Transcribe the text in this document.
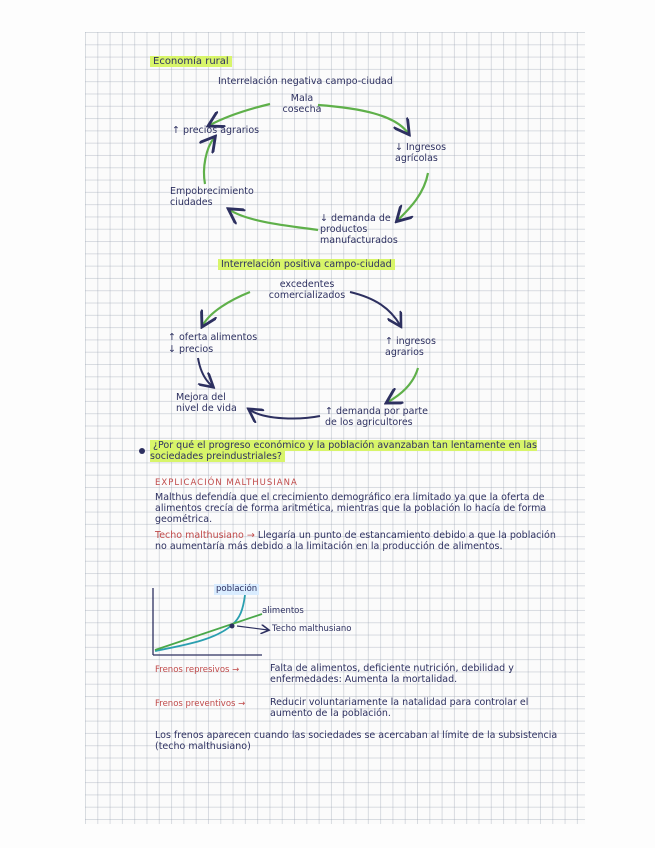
Economía rural
Interrelación negativa campo-ciudad
Mala cosecha
↓ Ingresos agrícolas
↓ demanda de productos manufacturados
Empobrecimiento ciudades
↑ precios agrarios
Interrelación positiva campo-ciudad
excedentes comercializados
↑ ingresos agrarios
↑ demanda por parte de los agricultores
Mejora del nivel de vida
↑ oferta alimentos
↓ precios
¿Por qué el progreso económico y la población avanzaban tan lentamente en las sociedades preindustriales?
EXPLICACIÓN MALTHUSIANA
Malthus defendía que el crecimiento demográfico era limitado ya que la oferta de alimentos crecía de forma aritmética, mientras que la población lo hacía de forma geométrica.
Techo malthusiano → Llegaría un punto de estancamiento debido a que la población no aumentaría más debido a la limitación en la producción de alimentos.
población
alimentos
Techo malthusiano
Frenos represivos →	Falta de alimentos, deficiente nutrición, debilidad y enfermedades: Aumenta la mortalidad.
Frenos preventivos →	Reducir voluntariamente la natalidad para controlar el aumento de la población.
Los frenos aparecen cuando las sociedades se acercaban al límite de la subsistencia (techo malthusiano)
